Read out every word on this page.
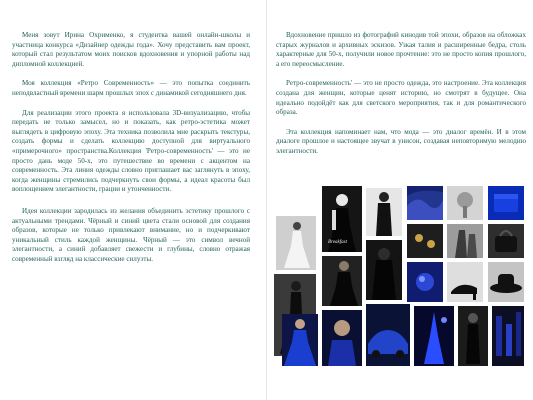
Меня зовут Ирина Охрименко, я студентка вашей онлайн-школы и участница конкурса «Дизайнер одежды года». Хочу представить вам проект, который стал результатом моих поисков вдохновения и упорной работы над дипломной коллекцией.

Моя коллекция «Ретро Современность» — это попытка соединить неподвластный времени шарм прошлых эпох с динамикой сегодняшнего дня.

Для реализации этого проекта я использовала 3D-визуализацию, чтобы передать не только замысел, но и показать, как ретро-эстетика может выглядеть в цифровую эпоху. Эта техника позволила мне раскрыть текстуры, создать формы и сделать коллекцию доступной для виртуального «примерочного» пространства.Коллекция 'Ретро-современность' — это не просто дань моде 50-х, это путешествие во времени с акцентом на современность. Эта линия одежды словно приглашает вас заглянуть в эпоху, когда женщины стремились подчеркнуть свои формы, а идеал красоты был воплощением элегантности, грации и утонченности.

Идея коллекции зародилась из желания объединить эстетику прошлого с актуальными трендами. Чёрный и синий цвета стали основой для создания образов, которые не только привлекают внимание, но и подчеркивают уникальный стиль каждой женщины. Чёрный — это символ вечной элегантности, а синий добавляет свежести и глубины, словно отражая современный взгляд на классические силуэты.

Вдохновение пришло из фотографий кинодив той эпохи, образов на обложках старых журналов и архивных эскизов. Узкая талия и расширенные бедра, столь характерные для 50-х, получили новое прочтение: это не просто копия прошлого, а его переосмысление.

Ретро-современность' — это не просто одежда, это настроение. Эта коллекция создана для женщин, которые ценят историю, но смотрят в будущее. Она идеально подойдёт как для светского мероприятия, так и для романтического образа.

Эта коллекция напоминает нам, что мода — это диалог времён. И в этом диалоге прошлое и настоящее звучат в унисон, создавая неповторимую мелодию элегантности.

Breakfast
